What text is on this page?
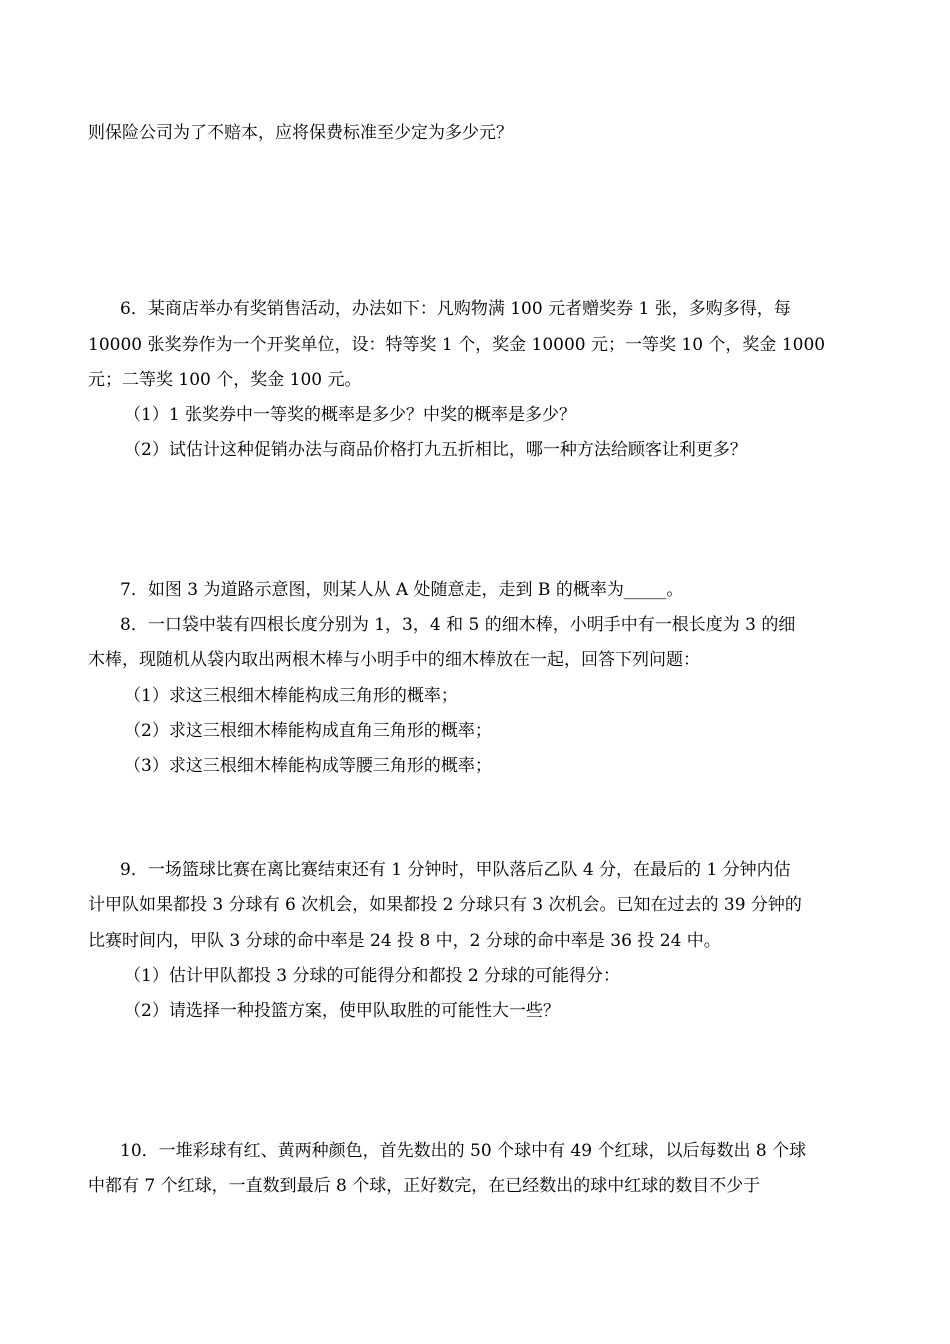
则保险公司为了不赔本，应将保费标准至少定为多少元？
6．某商店举办有奖销售活动，办法如下：凡购物满 100 元者赠奖券 1 张，多购多得，每
10000 张奖券作为一个开奖单位，设：特等奖 1 个，奖金 10000 元；一等奖 10 个，奖金 1000
元；二等奖 100 个，奖金 100 元。
（1）1 张奖券中一等奖的概率是多少？中奖的概率是多少？
（2）试估计这种促销办法与商品价格打九五折相比，哪一种方法给顾客让利更多？
7．如图 3 为道路示意图，则某人从 A 处随意走，走到 B 的概率为_____。
8．一口袋中装有四根长度分别为 1，3，4 和 5 的细木棒，小明手中有一根长度为 3 的细
木棒，现随机从袋内取出两根木棒与小明手中的细木棒放在一起，回答下列问题：
（1）求这三根细木棒能构成三角形的概率；
（2）求这三根细木棒能构成直角三角形的概率；
（3）求这三根细木棒能构成等腰三角形的概率；
9．一场篮球比赛在离比赛结束还有 1 分钟时，甲队落后乙队 4 分，在最后的 1 分钟内估
计甲队如果都投 3 分球有 6 次机会，如果都投 2 分球只有 3 次机会。已知在过去的 39 分钟的
比赛时间内，甲队 3 分球的命中率是 24 投 8 中，2 分球的命中率是 36 投 24 中。
（1）估计甲队都投 3 分球的可能得分和都投 2 分球的可能得分：
（2）请选择一种投篮方案，使甲队取胜的可能性大一些？
10．一堆彩球有红、黄两种颜色，首先数出的 50 个球中有 49 个红球，以后每数出 8 个球
中都有 7 个红球，一直数到最后 8 个球，正好数完，在已经数出的球中红球的数目不少于
